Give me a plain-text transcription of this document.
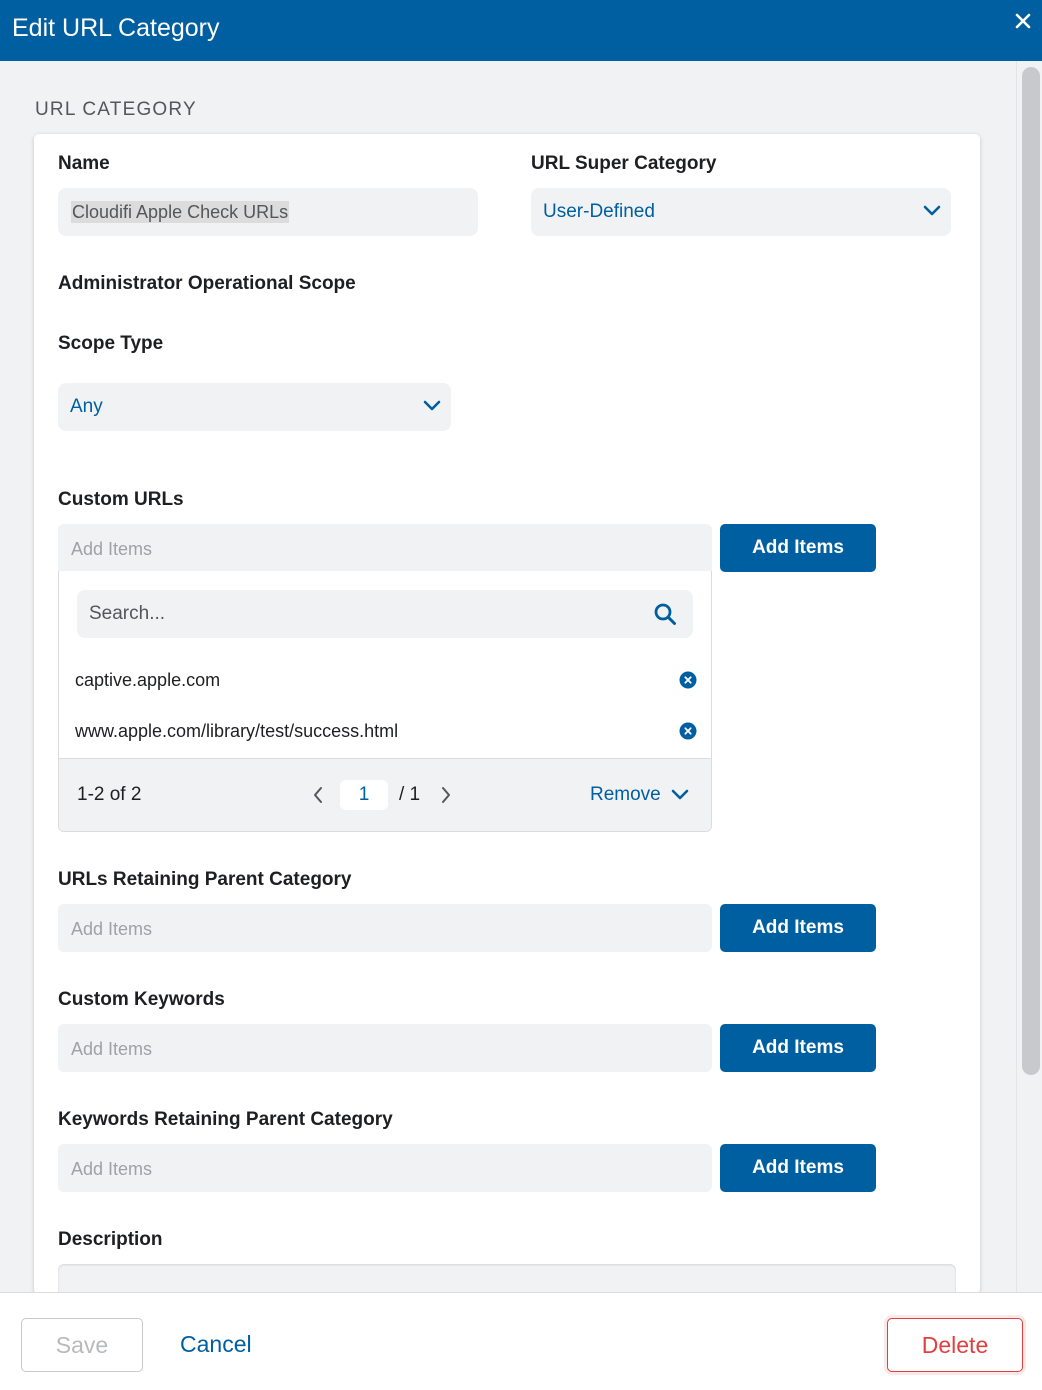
Edit URL Category
URL CATEGORY
Name
Cloudifi Apple Check URLs
URL Super Category
User-Defined
Administrator Operational Scope
Scope Type
Any
Custom URLs
Add Items	Add Items
Search...
captive.apple.com
www.apple.com/library/test/success.html
1-2 of 2	1	/ 1	Remove
URLs Retaining Parent Category
Add Items	Add Items
Custom Keywords
Add Items	Add Items
Keywords Retaining Parent Category
Add Items	Add Items
Description
Save	Cancel	Delete
